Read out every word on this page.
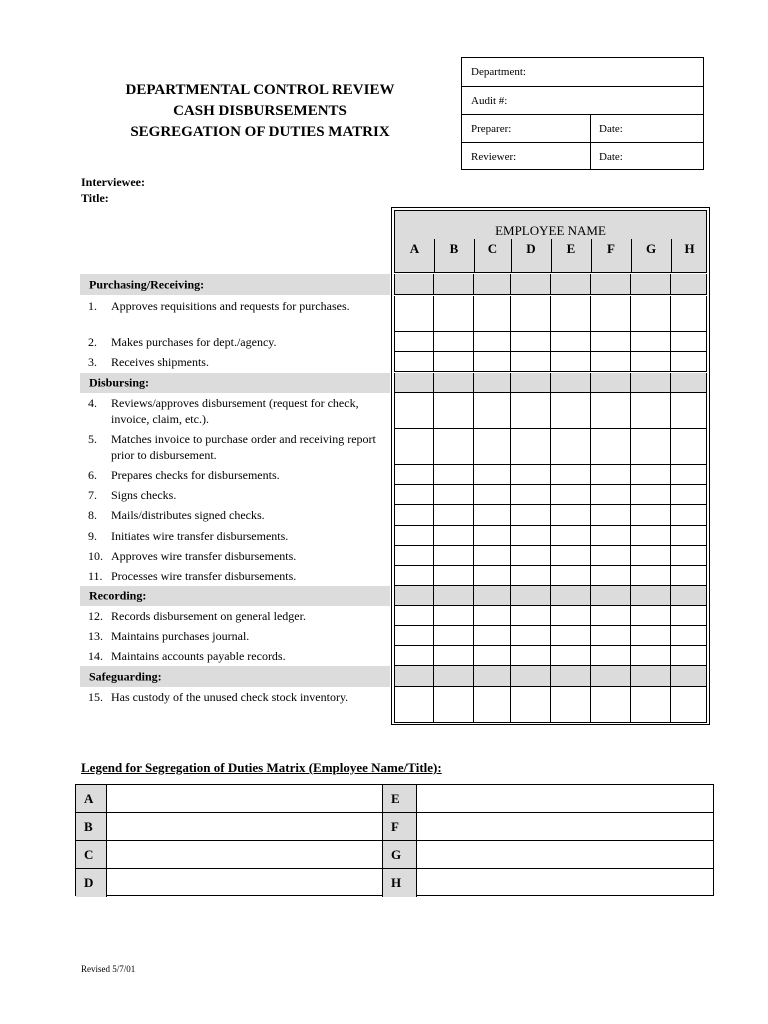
DEPARTMENTAL CONTROL REVIEW
CASH DISBURSEMENTS
SEGREGATION OF DUTIES MATRIX
Department:
Audit #:
Preparer:	Date:
Reviewer:	Date:
Interviewee:
Title:
Purchasing/Receiving:
1. Approves requisitions and requests for purchases.
2. Makes purchases for dept./agency.
3. Receives shipments.
Disbursing:
4. Reviews/approves disbursement (request for check, invoice, claim, etc.).
5. Matches invoice to purchase order and receiving report prior to disbursement.
6. Prepares checks for disbursements.
7. Signs checks.
8. Mails/distributes signed checks.
9. Initiates wire transfer disbursements.
10. Approves wire transfer disbursements.
11. Processes wire transfer disbursements.
Recording:
12. Records disbursement on general ledger.
13. Maintains purchases journal.
14. Maintains accounts payable records.
Safeguarding:
15. Has custody of the unused check stock inventory.
EMPLOYEE NAME
A	B	C	D	E	F	G	H
Legend for Segregation of Duties Matrix (Employee Name/Title):
A	E
B	F
C	G
D	H
Revised 5/7/01
